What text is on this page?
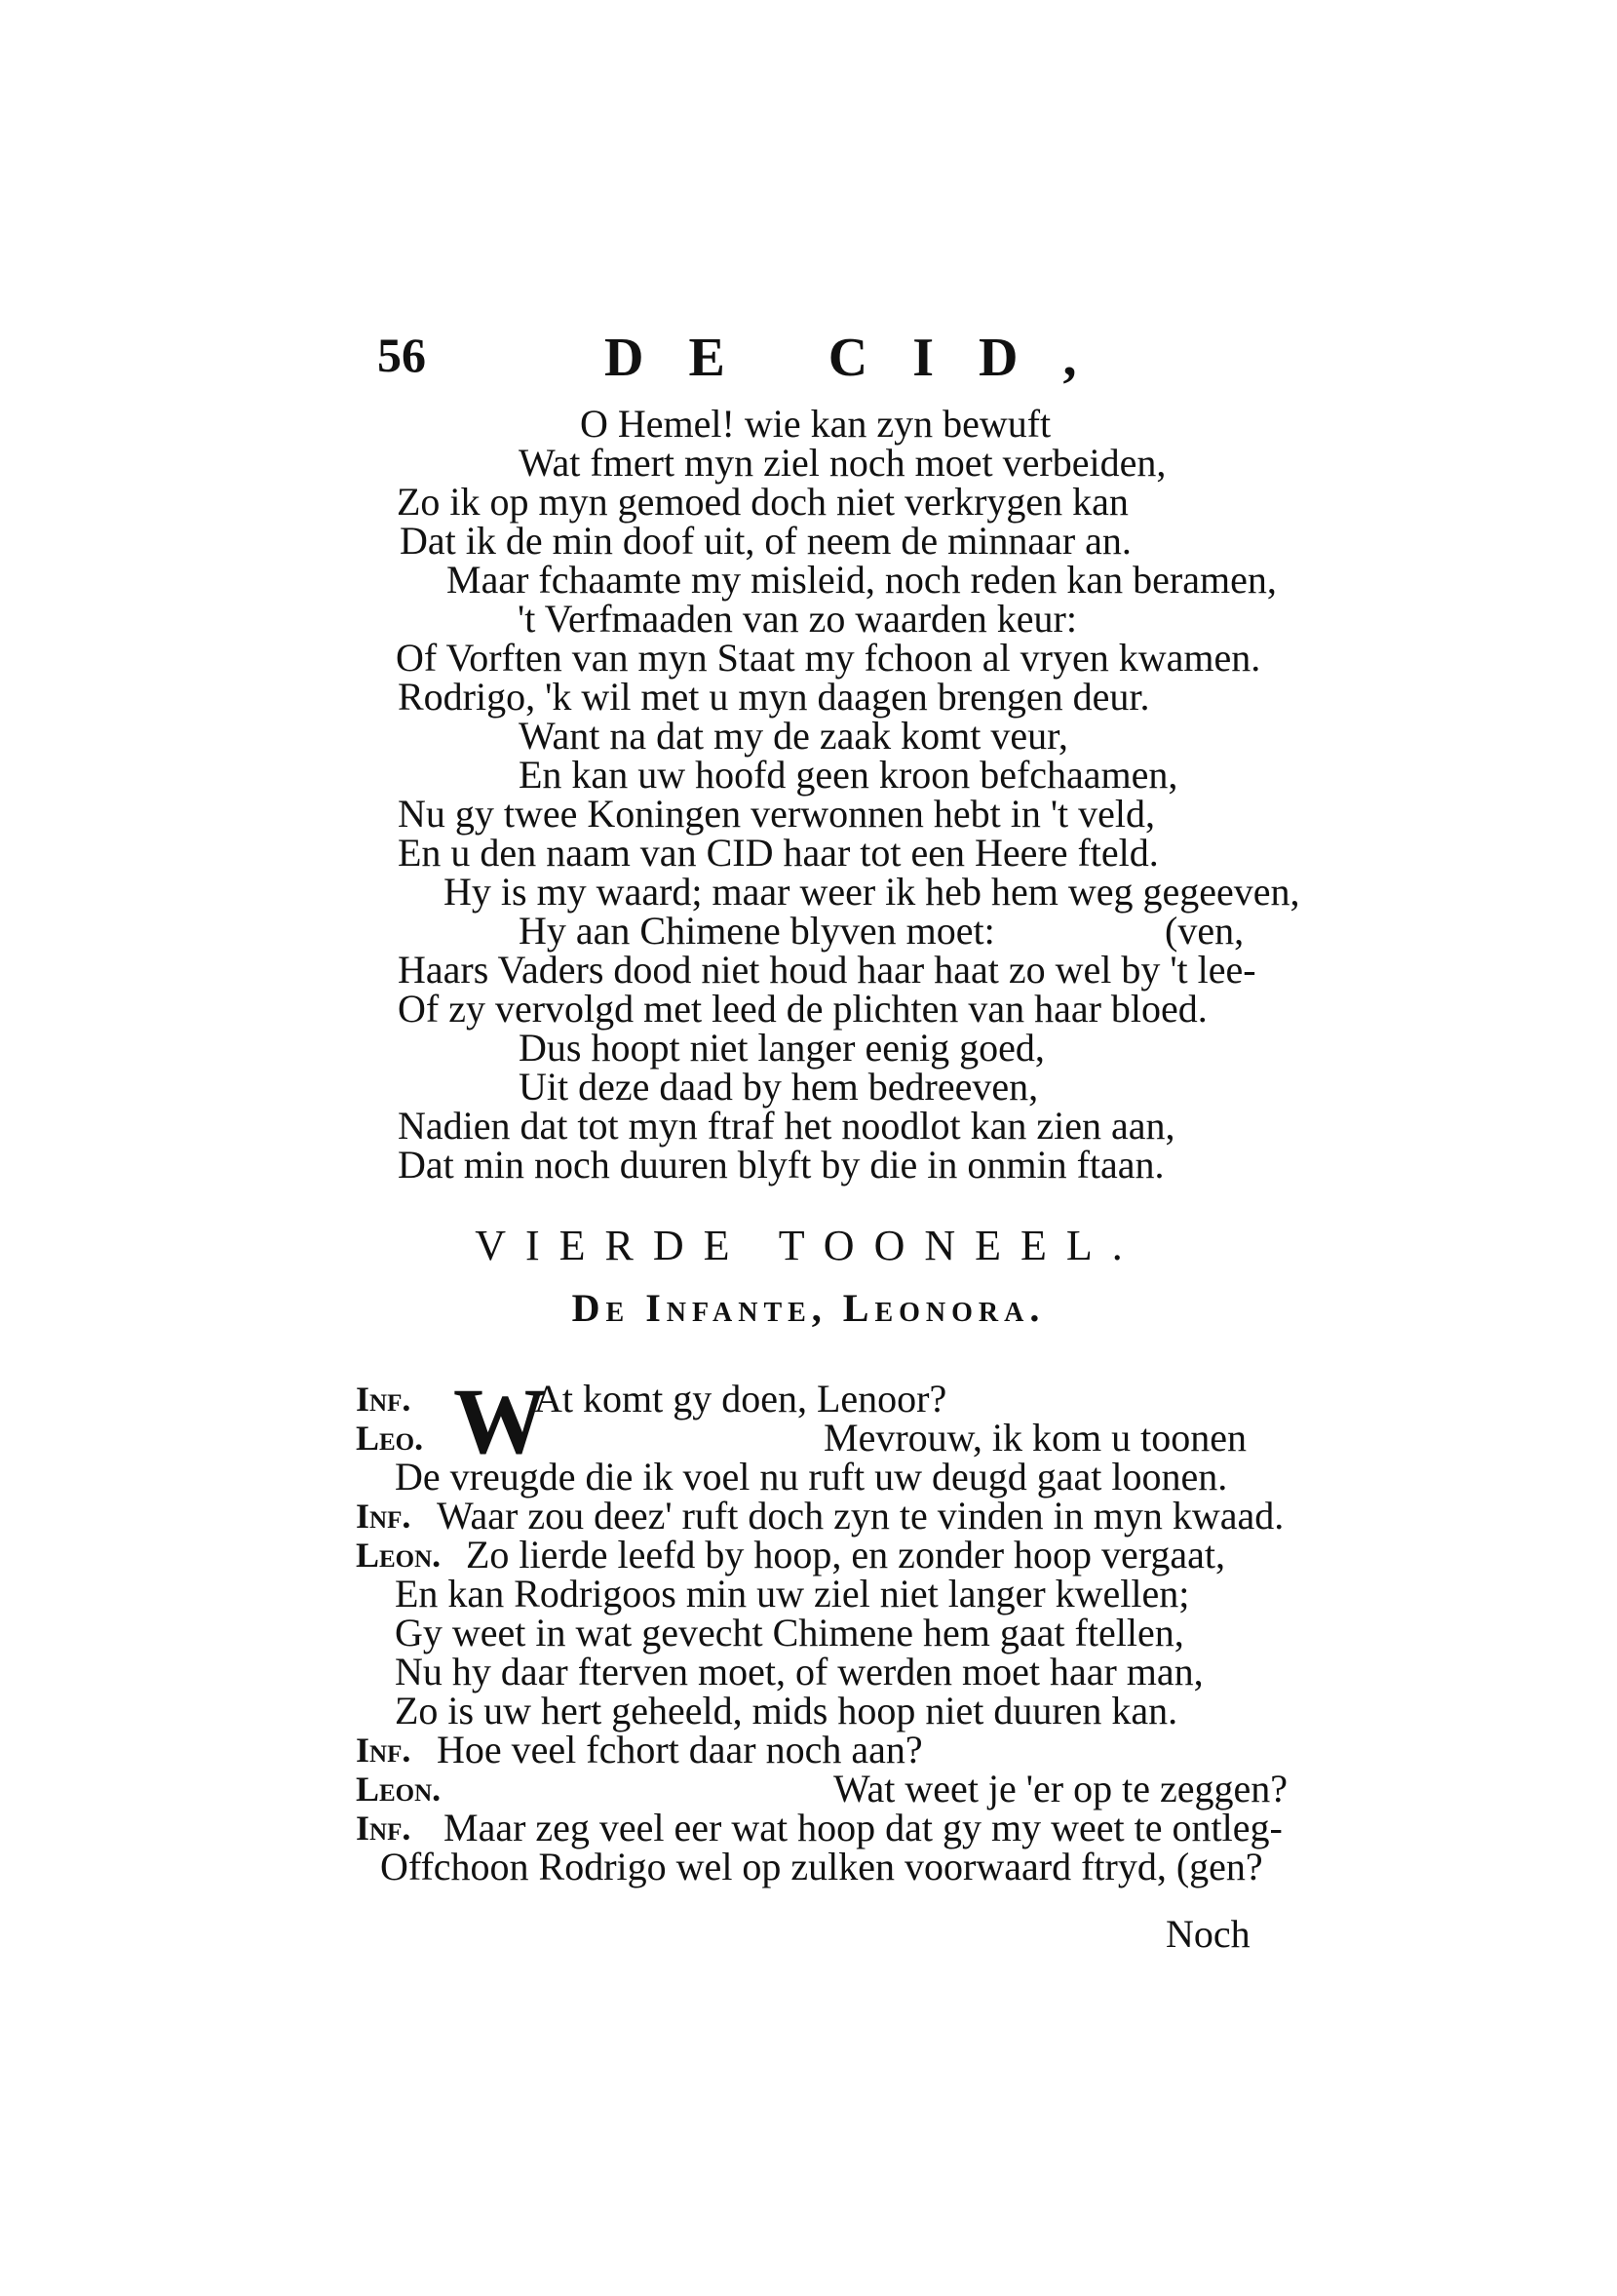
56	DE CID,
O Hemel! wie kan zyn bewuft
Wat fmert myn ziel noch moet verbeiden,
Zo ik op myn gemoed doch niet verkrygen kan
Dat ik de min doof uit, of neem de minnaar an.
Maar fchaamte my misleid, noch reden kan beramen,
't Verfmaaden van zo waarden keur:
Of Vorften van myn Staat my fchoon al vryen kwamen.
Rodrigo, 'k wil met u myn daagen brengen deur.
Want na dat my de zaak komt veur,
En kan uw hoofd geen kroon befchaamen,
Nu gy twee Koningen verwonnen hebt in 't veld,
En u den naam van CID haar tot een Heere fteld.
Hy is my waard; maar weer ik heb hem weg gegeeven,
Hy aan Chimene blyven moet:	(ven,
Haars Vaders dood niet houd haar haat zo wel by 't lee-
Of zy vervolgd met leed de plichten van haar bloed.
Dus hoopt niet langer eenig goed,
Uit deze daad by hem bedreeven,
Nadien dat tot myn ftraf het noodlot kan zien aan,
Dat min noch duuren blyft by die in onmin ftaan.
VIERDE TOONEEL.
De Infante, Leonora.
W
Inf.	At komt gy doen, Lenoor?
Leo.	Mevrouw, ik kom u toonen
De vreugde die ik voel nu ruft uw deugd gaat loonen.
Inf. Waar zou deez' ruft doch zyn te vinden in myn kwaad.
Leon. Zo lierde leefd by hoop, en zonder hoop vergaat,
En kan Rodrigoos min uw ziel niet langer kwellen;
Gy weet in wat gevecht Chimene hem gaat ftellen,
Nu hy daar fterven moet, of werden moet haar man,
Zo is uw hert geheeld, mids hoop niet duuren kan.
Inf. Hoe veel fchort daar noch aan?
Leon.	Wat weet je 'er op te zeggen?
Inf. Maar zeg veel eer wat hoop dat gy my weet te ontleg-
Offchoon Rodrigo wel op zulken voorwaard ftryd, (gen?
Noch
